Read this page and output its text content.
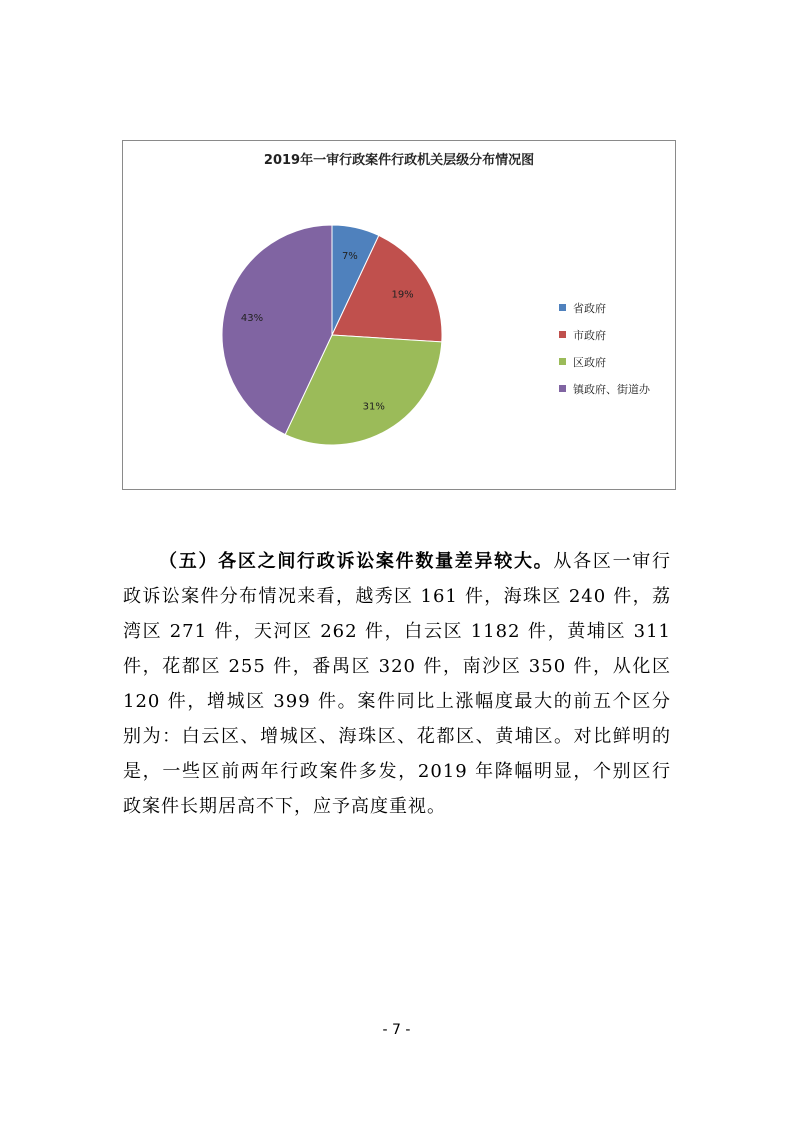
2019年一审行政案件行政机关层级分布情况图
7%
19%
31%
43%
省政府
市政府
区政府
镇政府、街道办

（五）各区之间行政诉讼案件数量差异较大。从各区一审行政诉讼案件分布情况来看，越秀区 161 件，海珠区 240 件，荔湾区 271 件，天河区 262 件，白云区 1182 件，黄埔区 311 件，花都区 255 件，番禺区 320 件，南沙区 350 件，从化区 120 件，增城区 399 件。案件同比上涨幅度最大的前五个区分别为：白云区、增城区、海珠区、花都区、黄埔区。对比鲜明的是，一些区前两年行政案件多发，2019 年降幅明显，个别区行政案件长期居高不下，应予高度重视。

- 7 -
